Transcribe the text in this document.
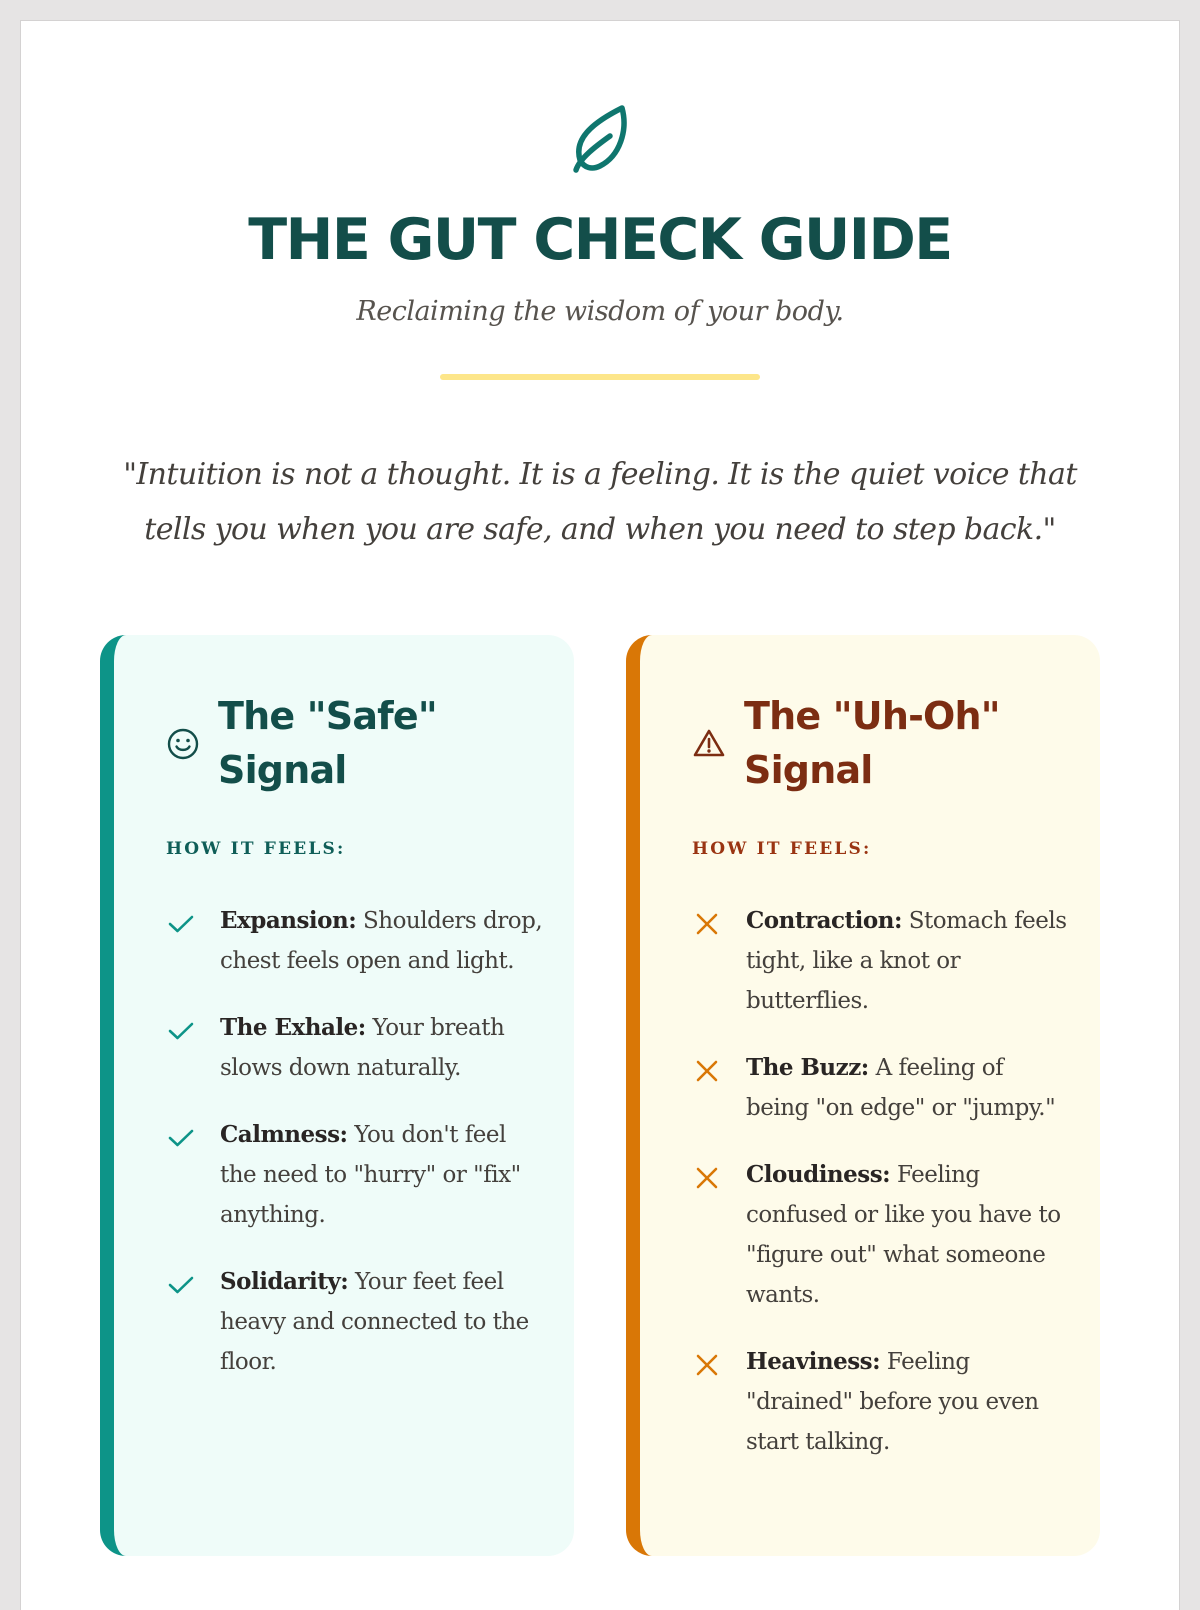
THE GUT CHECK GUIDE
Reclaiming the wisdom of your body.
"Intuition is not a thought. It is a feeling. It is the quiet voice that tells you when you are safe, and when you need to step back."
The "Safe" Signal
HOW IT FEELS:
Expansion: Shoulders drop, chest feels open and light.
The Exhale: Your breath slows down naturally.
Calmness: You don't feel the need to "hurry" or "fix" anything.
Solidarity: Your feet feel heavy and connected to the floor.
The "Uh-Oh" Signal
HOW IT FEELS:
Contraction: Stomach feels tight, like a knot or butterflies.
The Buzz: A feeling of being "on edge" or "jumpy."
Cloudiness: Feeling confused or like you have to "figure out" what someone wants.
Heaviness: Feeling "drained" before you even start talking.
